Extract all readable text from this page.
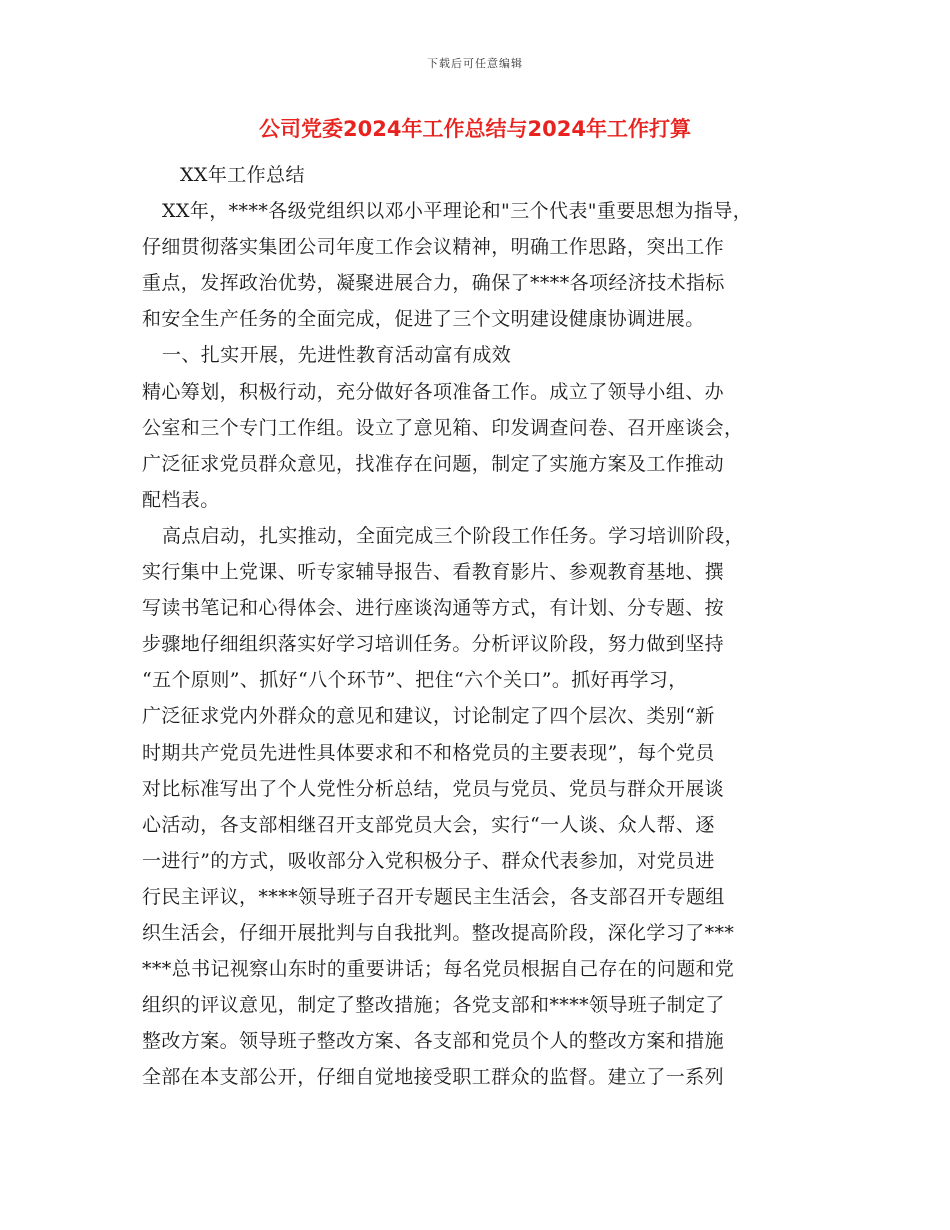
下载后可任意编辑
公司党委2024年工作总结与2024年工作打算
XX年工作总结
XX年，****各级党组织以邓小平理论和"三个代表"重要思想为指导，
仔细贯彻落实集团公司年度工作会议精神，明确工作思路，突出工作
重点，发挥政治优势，凝聚进展合力，确保了****各项经济技术指标
和安全生产任务的全面完成，促进了三个文明建设健康协调进展。
一、扎实开展，先进性教育活动富有成效
精心筹划，积极行动，充分做好各项准备工作。成立了领导小组、办
公室和三个专门工作组。设立了意见箱、印发调查问卷、召开座谈会，
广泛征求党员群众意见，找准存在问题，制定了实施方案及工作推动
配档表。
高点启动，扎实推动，全面完成三个阶段工作任务。学习培训阶段，
实行集中上党课、听专家辅导报告、看教育影片、参观教育基地、撰
写读书笔记和心得体会、进行座谈沟通等方式，有计划、分专题、按
步骤地仔细组织落实好学习培训任务。分析评议阶段，努力做到坚持
“五个原则”、抓好“八个环节”、把住“六个关口”。抓好再学习，
广泛征求党内外群众的意见和建议，讨论制定了四个层次、类别“新
时期共产党员先进性具体要求和不和格党员的主要表现”，每个党员
对比标准写出了个人党性分析总结，党员与党员、党员与群众开展谈
心活动，各支部相继召开支部党员大会，实行“一人谈、众人帮、逐
一进行”的方式，吸收部分入党积极分子、群众代表参加，对党员进
行民主评议，****领导班子召开专题民主生活会，各支部召开专题组
织生活会，仔细开展批判与自我批判。整改提高阶段，深化学习了***
***总书记视察山东时的重要讲话；每名党员根据自己存在的问题和党
组织的评议意见，制定了整改措施；各党支部和****领导班子制定了
整改方案。领导班子整改方案、各支部和党员个人的整改方案和措施
全部在本支部公开，仔细自觉地接受职工群众的监督。建立了一系列
